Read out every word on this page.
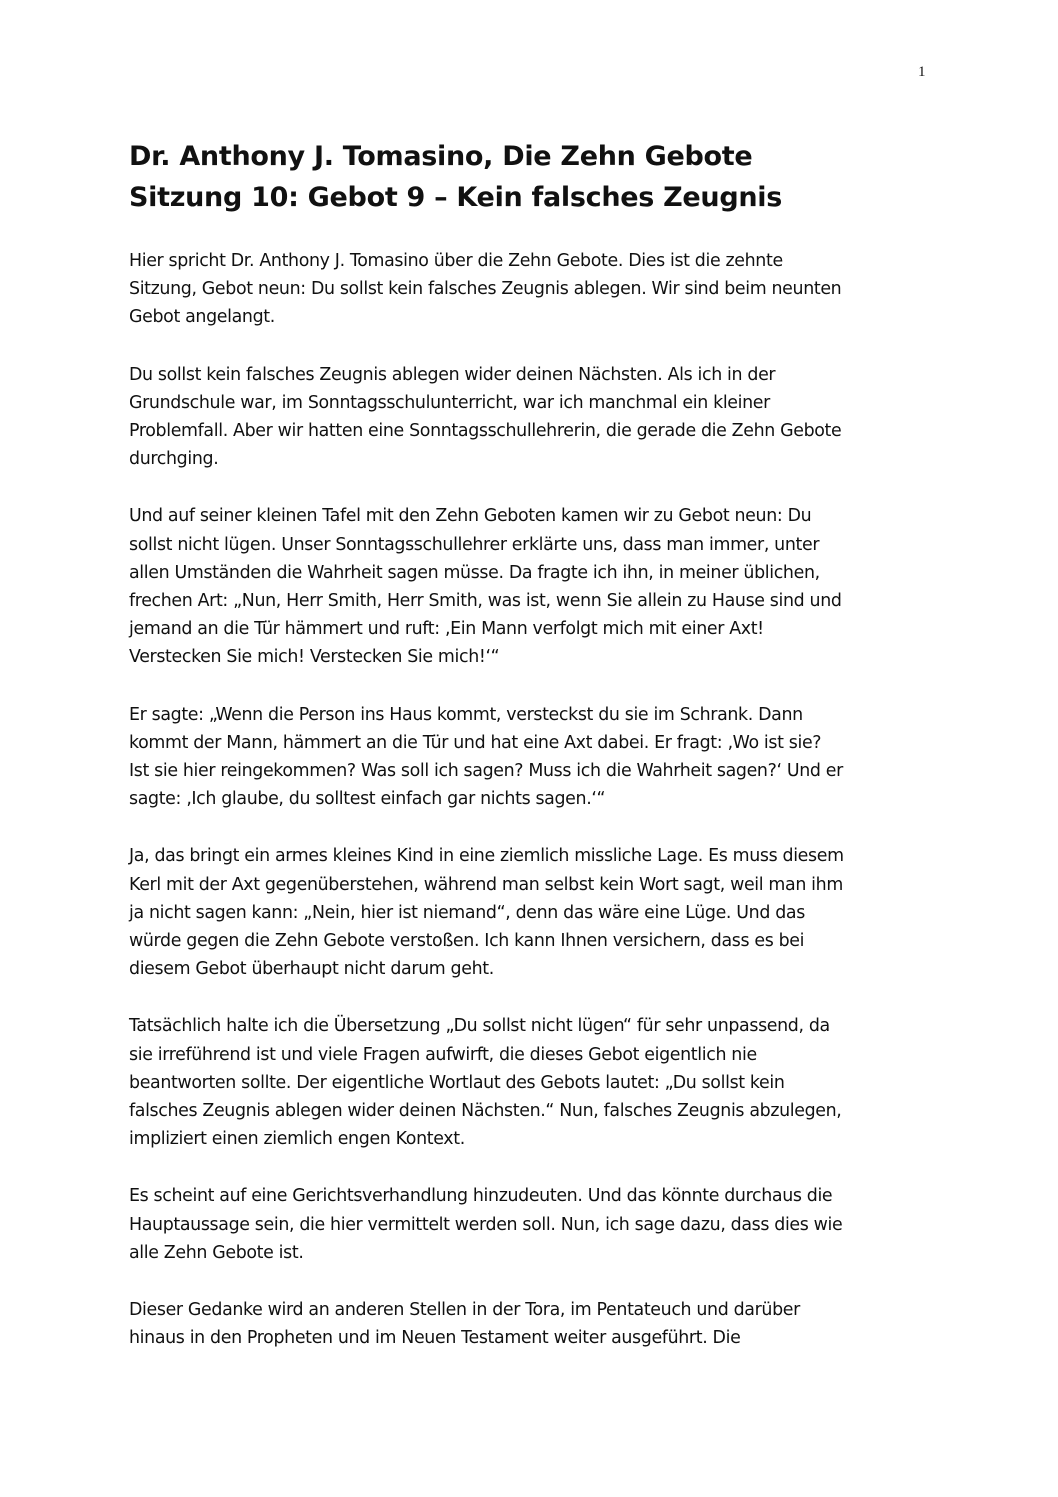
1
Dr. Anthony J. Tomasino, Die Zehn Gebote
Sitzung 10: Gebot 9 – Kein falsches Zeugnis

Hier spricht Dr. Anthony J. Tomasino über die Zehn Gebote. Dies ist die zehnte
Sitzung, Gebot neun: Du sollst kein falsches Zeugnis ablegen. Wir sind beim neunten
Gebot angelangt.

Du sollst kein falsches Zeugnis ablegen wider deinen Nächsten. Als ich in der
Grundschule war, im Sonntagsschulunterricht, war ich manchmal ein kleiner
Problemfall. Aber wir hatten eine Sonntagsschullehrerin, die gerade die Zehn Gebote
durchging.

Und auf seiner kleinen Tafel mit den Zehn Geboten kamen wir zu Gebot neun: Du
sollst nicht lügen. Unser Sonntagsschullehrer erklärte uns, dass man immer, unter
allen Umständen die Wahrheit sagen müsse. Da fragte ich ihn, in meiner üblichen,
frechen Art: „Nun, Herr Smith, Herr Smith, was ist, wenn Sie allein zu Hause sind und
jemand an die Tür hämmert und ruft: ‚Ein Mann verfolgt mich mit einer Axt!
Verstecken Sie mich! Verstecken Sie mich!‘“

Er sagte: „Wenn die Person ins Haus kommt, versteckst du sie im Schrank. Dann
kommt der Mann, hämmert an die Tür und hat eine Axt dabei. Er fragt: ‚Wo ist sie?
Ist sie hier reingekommen? Was soll ich sagen? Muss ich die Wahrheit sagen?‘ Und er
sagte: ‚Ich glaube, du solltest einfach gar nichts sagen.‘“

Ja, das bringt ein armes kleines Kind in eine ziemlich missliche Lage. Es muss diesem
Kerl mit der Axt gegenüberstehen, während man selbst kein Wort sagt, weil man ihm
ja nicht sagen kann: „Nein, hier ist niemand“, denn das wäre eine Lüge. Und das
würde gegen die Zehn Gebote verstoßen. Ich kann Ihnen versichern, dass es bei
diesem Gebot überhaupt nicht darum geht.

Tatsächlich halte ich die Übersetzung „Du sollst nicht lügen“ für sehr unpassend, da
sie irreführend ist und viele Fragen aufwirft, die dieses Gebot eigentlich nie
beantworten sollte. Der eigentliche Wortlaut des Gebots lautet: „Du sollst kein
falsches Zeugnis ablegen wider deinen Nächsten.“ Nun, falsches Zeugnis abzulegen,
impliziert einen ziemlich engen Kontext.

Es scheint auf eine Gerichtsverhandlung hinzudeuten. Und das könnte durchaus die
Hauptaussage sein, die hier vermittelt werden soll. Nun, ich sage dazu, dass dies wie
alle Zehn Gebote ist.

Dieser Gedanke wird an anderen Stellen in der Tora, im Pentateuch und darüber
hinaus in den Propheten und im Neuen Testament weiter ausgeführt. Die
